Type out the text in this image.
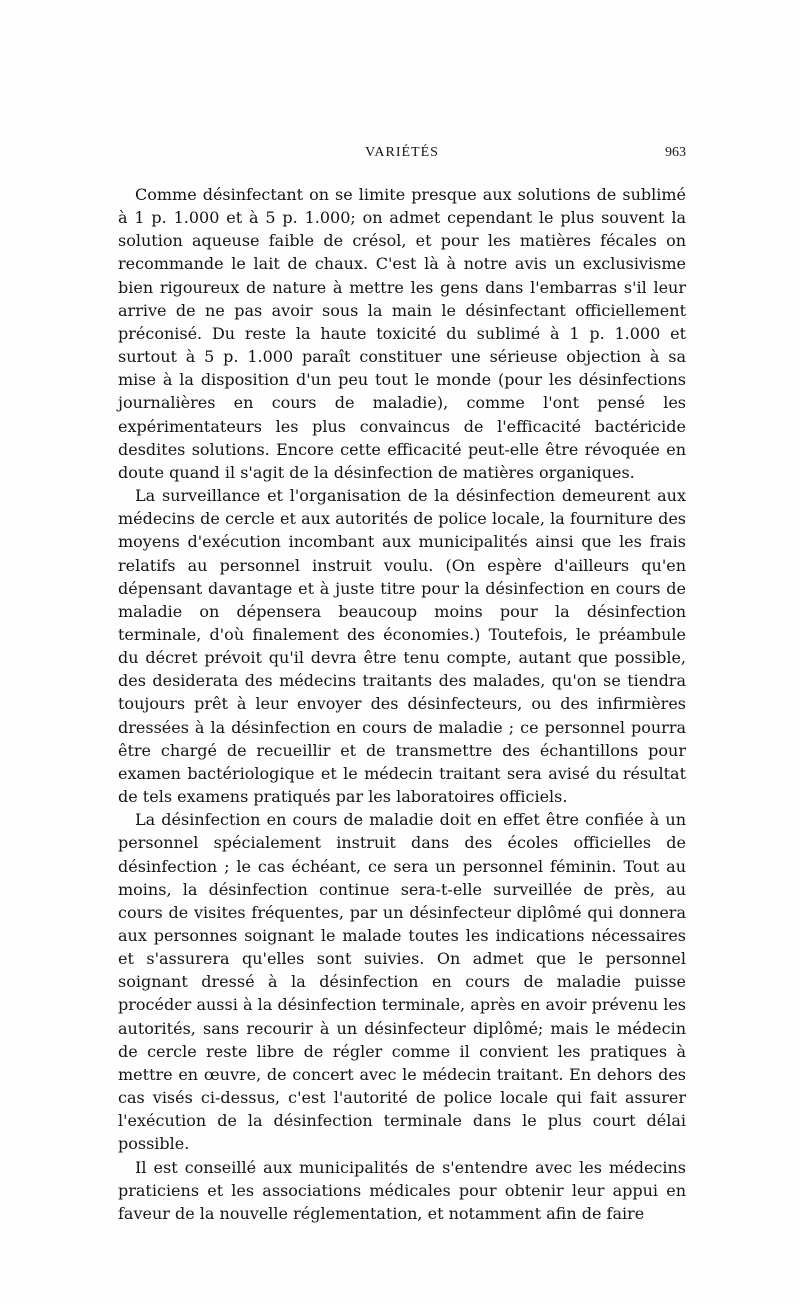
VARIÉTÉS	963

Comme désinfectant on se limite presque aux solutions de sublimé à 1 p. 1.000 et à 5 p. 1.000; on admet cependant le plus souvent la solution aqueuse faible de crésol, et pour les matières fécales on recommande le lait de chaux. C'est là à notre avis un exclusivisme bien rigoureux de nature à mettre les gens dans l'embarras s'il leur arrive de ne pas avoir sous la main le désinfectant officiellement préconisé. Du reste la haute toxicité du sublimé à 1 p. 1.000 et surtout à 5 p. 1.000 paraît constituer une sérieuse objection à sa mise à la disposition d'un peu tout le monde (pour les désinfections journalières en cours de maladie), comme l'ont pensé les expérimentateurs les plus convaincus de l'efficacité bactéricide desdites solutions. Encore cette efficacité peut-elle être révoquée en doute quand il s'agit de la désinfection de matières organiques.

La surveillance et l'organisation de la désinfection demeurent aux médecins de cercle et aux autorités de police locale, la fourniture des moyens d'exécution incombant aux municipalités ainsi que les frais relatifs au personnel instruit voulu. (On espère d'ailleurs qu'en dépensant davantage et à juste titre pour la désinfection en cours de maladie on dépensera beaucoup moins pour la désinfection terminale, d'où finalement des économies.) Toutefois, le préambule du décret prévoit qu'il devra être tenu compte, autant que possible, des desiderata des médecins traitants des malades, qu'on se tiendra toujours prêt à leur envoyer des désinfecteurs, ou des infirmières dressées à la désinfection en cours de maladie ; ce personnel pourra être chargé de recueillir et de transmettre des échantillons pour examen bactériologique et le médecin traitant sera avisé du résultat de tels examens pratiqués par les laboratoires officiels.

La désinfection en cours de maladie doit en effet être confiée à un personnel spécialement instruit dans des écoles officielles de désinfection ; le cas échéant, ce sera un personnel féminin. Tout au moins, la désinfection continue sera-t-elle surveillée de près, au cours de visites fréquentes, par un désinfecteur diplômé qui donnera aux personnes soignant le malade toutes les indications nécessaires et s'assurera qu'elles sont suivies. On admet que le personnel soignant dressé à la désinfection en cours de maladie puisse procéder aussi à la désinfection terminale, après en avoir prévenu les autorités, sans recourir à un désinfecteur diplômé; mais le médecin de cercle reste libre de régler comme il convient les pratiques à mettre en œuvre, de concert avec le médecin traitant. En dehors des cas visés ci-dessus, c'est l'autorité de police locale qui fait assurer l'exécution de la désinfection terminale dans le plus court délai possible.

Il est conseillé aux municipalités de s'entendre avec les médecins praticiens et les associations médicales pour obtenir leur appui en faveur de la nouvelle réglementation, et notamment afin de faire
